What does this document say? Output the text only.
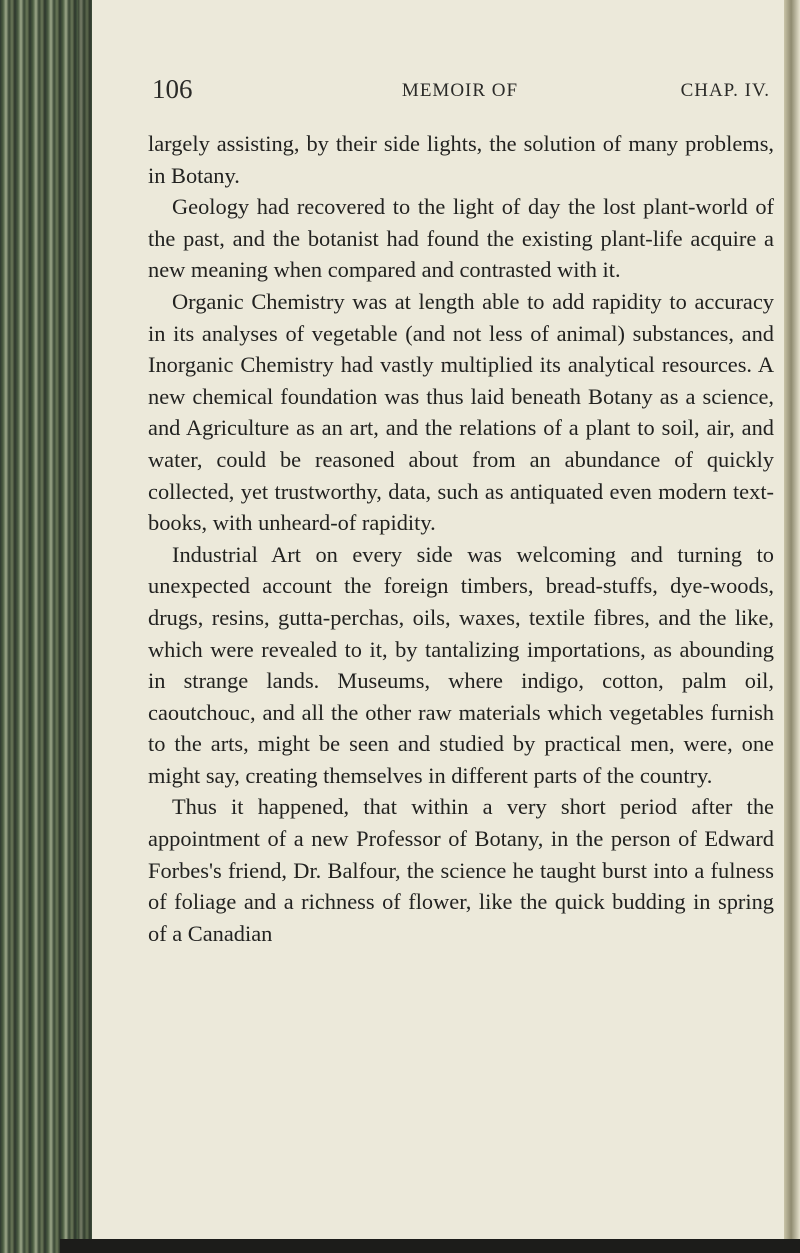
106	MEMOIR OF	CHAP. IV.

largely assisting, by their side lights, the solution of many problems, in Botany.

Geology had recovered to the light of day the lost plant-world of the past, and the botanist had found the existing plant-life acquire a new meaning when compared and contrasted with it.

Organic Chemistry was at length able to add rapidity to accuracy in its analyses of vegetable (and not less of animal) substances, and Inorganic Chemistry had vastly multiplied its analytical resources. A new chemical foundation was thus laid beneath Botany as a science, and Agriculture as an art, and the relations of a plant to soil, air, and water, could be reasoned about from an abundance of quickly collected, yet trustworthy, data, such as antiquated even modern text-books, with unheard-of rapidity.

Industrial Art on every side was welcoming and turning to unexpected account the foreign timbers, bread-stuffs, dye-woods, drugs, resins, gutta-perchas, oils, waxes, textile fibres, and the like, which were revealed to it, by tantalizing importations, as abounding in strange lands. Museums, where indigo, cotton, palm oil, caoutchouc, and all the other raw materials which vegetables furnish to the arts, might be seen and studied by practical men, were, one might say, creating themselves in different parts of the country.

Thus it happened, that within a very short period after the appointment of a new Professor of Botany, in the person of Edward Forbes's friend, Dr. Balfour, the science he taught burst into a fulness of foliage and a richness of flower, like the quick budding in spring of a Canadian
